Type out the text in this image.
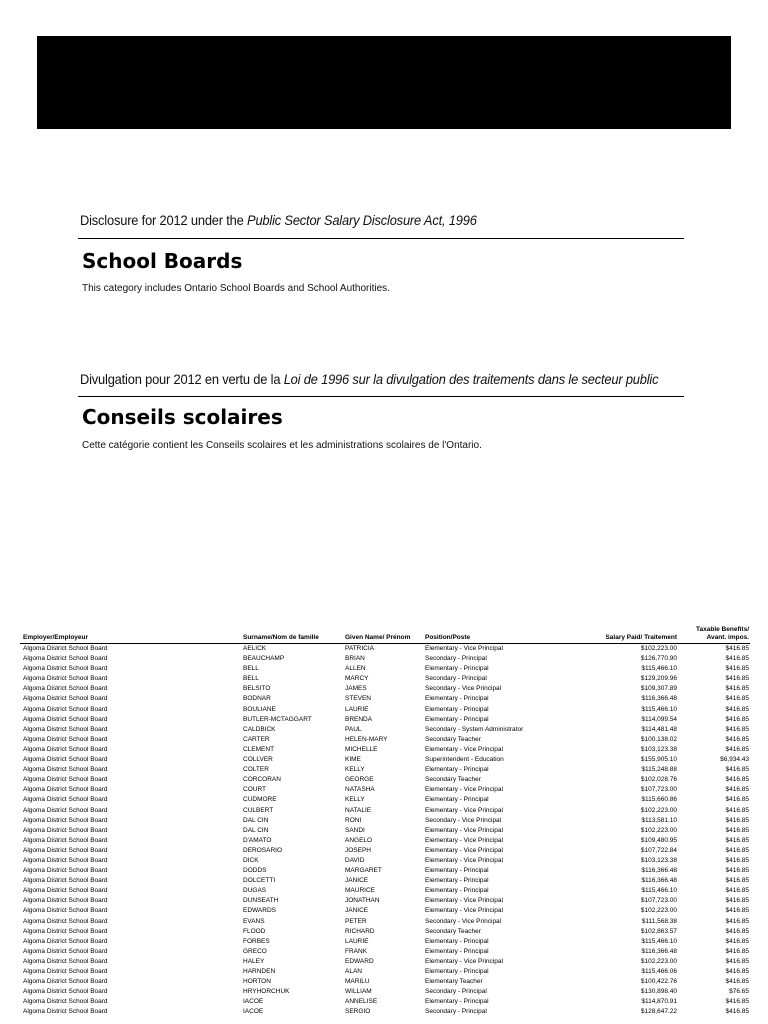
Disclosure for 2012 under the Public Sector Salary Disclosure Act, 1996
School Boards
This category includes Ontario School Boards and School Authorities.
Divulgation pour 2012 en vertu de la Loi de 1996 sur la divulgation des traitements dans le secteur public
Conseils scolaires
Cette catégorie contient les Conseils scolaires et les administrations scolaires de l'Ontario.
Employer/Employeur	Surname/Nom de famille	Given Name/ Prénom	Position/Poste	Salary Paid/ Traitement	Taxable Benefits/ Avant. impos.
Algoma District School Board	AELICK	PATRICIA	Elementary - Vice Principal	$102,223.00	$416.85
Algoma District School Board	BEAUCHAMP	BRIAN	Secondary - Principal	$126,770.90	$416.85
Algoma District School Board	BELL	ALLEN	Elementary - Principal	$115,466.10	$416.85
Algoma District School Board	BELL	MARCY	Secondary - Principal	$129,209.96	$416.85
Algoma District School Board	BELSITO	JAMES	Secondary - Vice Principal	$109,307.89	$416.85
Algoma District School Board	BODNAR	STEVEN	Elementary - Principal	$116,366.48	$416.85
Algoma District School Board	BOULIANE	LAURIE	Elementary - Principal	$115,466.10	$416.85
Algoma District School Board	BUTLER-MCTAGGART	BRENDA	Elementary - Principal	$114,099.54	$416.85
Algoma District School Board	CALDBICK	PAUL	Secondary - System Administrator	$114,481.48	$416.85
Algoma District School Board	CARTER	HELEN-MARY	Secondary Teacher	$100,138.02	$416.85
Algoma District School Board	CLEMENT	MICHELLE	Elementary - Vice Principal	$103,123.38	$416.85
Algoma District School Board	COLLVER	KIME	Superintendent - Education	$155,905.10	$6,934.43
Algoma District School Board	COLTER	KELLY	Elementary - Principal	$115,248.88	$416.85
Algoma District School Board	CORCORAN	GEORGE	Secondary Teacher	$102,028.76	$416.85
Algoma District School Board	COURT	NATASHA	Elementary - Vice Principal	$107,723.00	$416.85
Algoma District School Board	CUDMORE	KELLY	Elementary - Principal	$115,660.86	$416.85
Algoma District School Board	CULBERT	NATALIE	Elementary - Vice Principal	$102,223.00	$416.85
Algoma District School Board	DAL CIN	RONI	Secondary - Vice Principal	$113,581.10	$416.85
Algoma District School Board	DAL CIN	SANDI	Elementary - Vice Principal	$102,223.00	$416.85
Algoma District School Board	D'AMATO	ANGELO	Elementary - Vice Principal	$109,480.95	$416.85
Algoma District School Board	DEROSARIO	JOSEPH	Elementary - Vice Principal	$107,722.84	$416.85
Algoma District School Board	DICK	DAVID	Elementary - Vice Principal	$103,123.38	$416.85
Algoma District School Board	DODDS	MARGARET	Elementary - Principal	$116,366.48	$416.85
Algoma District School Board	DOLCETTI	JANICE	Elementary - Principal	$116,366.48	$416.85
Algoma District School Board	DUGAS	MAURICE	Elementary - Principal	$115,466.10	$416.85
Algoma District School Board	DUNSEATH	JONATHAN	Elementary - Vice Principal	$107,723.00	$416.85
Algoma District School Board	EDWARDS	JANICE	Elementary - Vice Principal	$102,223.00	$416.85
Algoma District School Board	EVANS	PETER	Secondary - Vice Principal	$111,568.38	$416.85
Algoma District School Board	FLOOD	RICHARD	Secondary Teacher	$102,863.57	$416.85
Algoma District School Board	FORBES	LAURIE	Elementary - Principal	$115,466.10	$416.85
Algoma District School Board	GRECO	FRANK	Elementary - Principal	$116,366.48	$416.85
Algoma District School Board	HALEY	EDWARD	Elementary - Vice Principal	$102,223.00	$416.85
Algoma District School Board	HARNDEN	ALAN	Elementary - Principal	$115,466.06	$416.85
Algoma District School Board	HORTON	MARILU	Elementary Teacher	$100,422.76	$416.85
Algoma District School Board	HRYHORCHUK	WILLIAM	Secondary - Principal	$130,898.40	$76.65
Algoma District School Board	IACOE	ANNELISE	Elementary - Principal	$114,870.91	$416.85
Algoma District School Board	IACOE	SERGIO	Secondary - Principal	$128,647.22	$416.85
